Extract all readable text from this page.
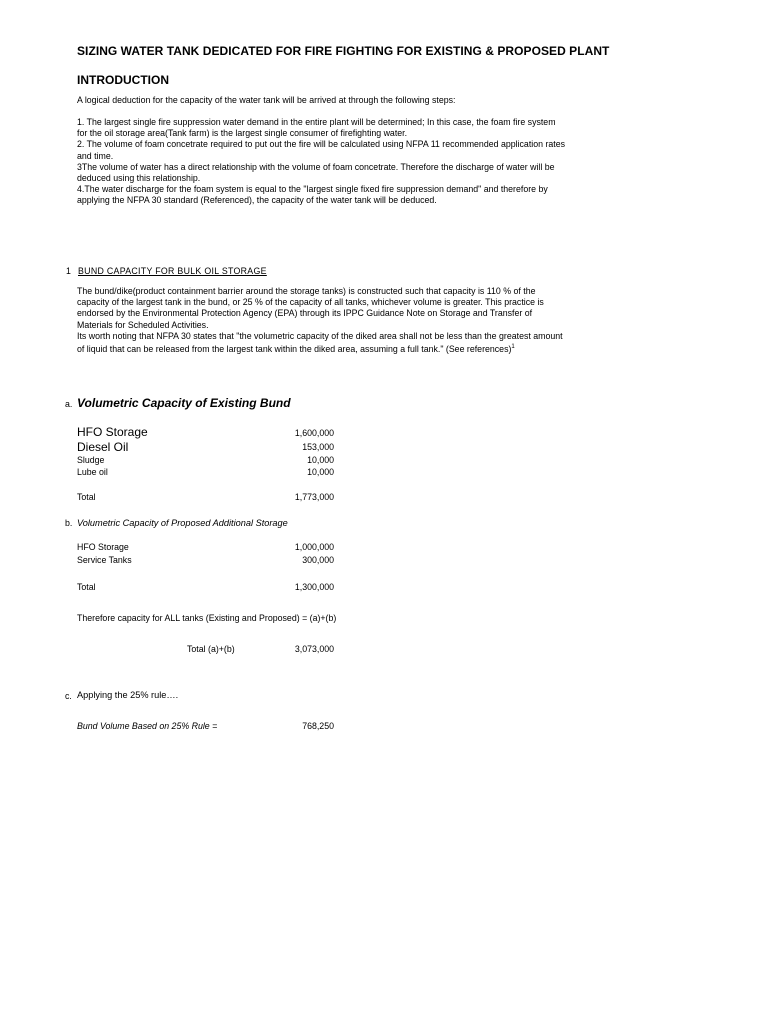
SIZING WATER TANK DEDICATED FOR FIRE FIGHTING FOR EXISTING & PROPOSED PLANT
INTRODUCTION

A logical deduction for the capacity of the water tank will be arrived at through the following steps:

1. The largest single fire suppression water demand in the entire plant will be determined; In this case, the foam fire system for the oil storage area(Tank farm) is the largest single consumer of firefighting water.

2. The volume of foam concetrate required to put out the fire will be calculated using NFPA 11 recommended application rates and time.

3The volume of water has a direct relationship with the volume of foam concetrate. Therefore the discharge of water will be deduced using this relationship.

4.The water discharge for the foam system is equal to the "largest single fixed fire suppression demand" and therefore by applying the NFPA 30 standard (Referenced), the capacity of the water tank will be deduced.

1 BUND CAPACITY FOR BULK OIL STORAGE

The bund/dike(product containment barrier around the storage tanks) is constructed such that capacity is 110 % of the capacity of the largest tank in the bund, or 25 % of the capacity of all tanks, whichever volume is greater. This practice is endorsed by the Environmental Protection Agency (EPA) through its IPPC Guidance Note on Storage and Transfer of Materials for Scheduled Activities.

Its worth noting that NFPA 30 states that "the volumetric capacity of the diked area shall not be less than the greatest amount of liquid that can be released from the largest tank within the diked area, assuming a full tank." (See references)$^1$

a. Volumetric Capacity of Existing Bund
HFO Storage	1,600,000
Diesel Oil	153,000
Sludge	10,000
Lube oil	10,000
Total	1,773,000
b. Volumetric Capacity of Proposed Additional Storage
HFO Storage	1,000,000
Service Tanks	300,000
Total	1,300,000
Therefore capacity for ALL tanks (Existing and Proposed) = (a)+(b)
Total (a)+(b)	3,073,000
c. Applying the 25% rule….
Bund Volume Based on 25% Rule =	768,250
